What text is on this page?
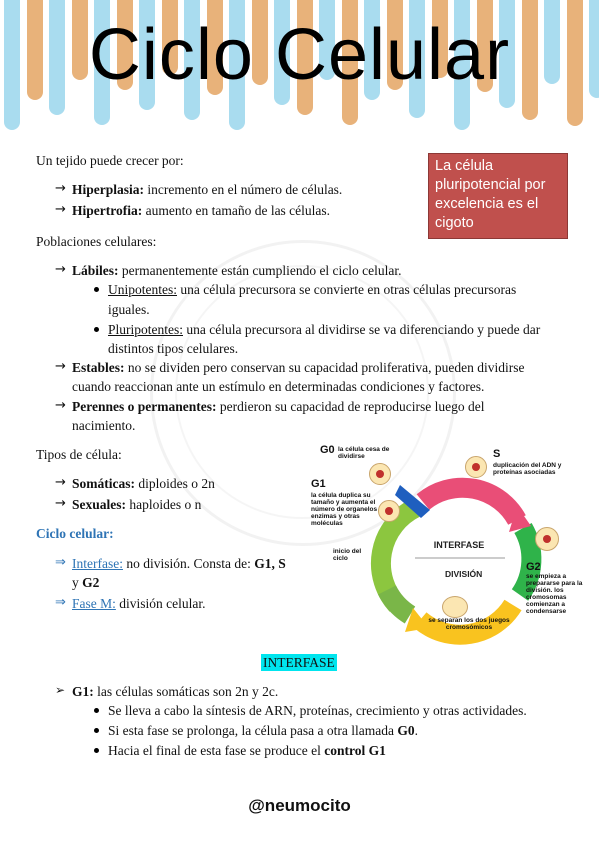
Ciclo Celular
Un tejido puede crecer por:
→ Hiperplasia: incremento en el número de células.
→ Hipertrofia: aumento en tamaño de las células.
La célula pluripotencial por excelencia es el cigoto
Poblaciones celulares:
→ Lábiles: permanentemente están cumpliendo el ciclo celular.
Unipotentes: una célula precursora se convierte en otras células precursoras
iguales.
Pluripotentes: una célula precursora al dividirse se va diferenciando y puede dar
distintos tipos celulares.
→ Estables: no se dividen pero conservan su capacidad proliferativa, pueden dividirse
cuando reaccionan ante un estímulo en determinadas condiciones y factores.
→ Perennes o permanentes: perdieron su capacidad de reproducirse luego del
nacimiento.
Tipos de célula:
→ Somáticas: diploides o 2n
→ Sexuales: haploides o n
Ciclo celular:
⇒ Interfase: no división. Consta de: G1, S
y G2
⇒ Fase M: división celular.
Fase S
DIVISIÓN
INTERFASE
G0 la célula cesa de dividirse
G1
la célula duplica su tamaño y aumenta el número de organelos enzimas y otras moléculas
S
duplicación del ADN y proteínas asociadas
G2
se empieza a prepararse para la división. los cromosomas comienzan a condensarse
inicio del ciclo
se separan los dos juegos cromosómicos
INTERFASE
➢ G1: las células somáticas son 2n y 2c.
Se lleva a cabo la síntesis de ARN, proteínas, crecimiento y otras actividades.
Si esta fase se prolonga, la célula pasa a otra llamada G0.
Hacia el final de esta fase se produce el control G1
@neumocito
